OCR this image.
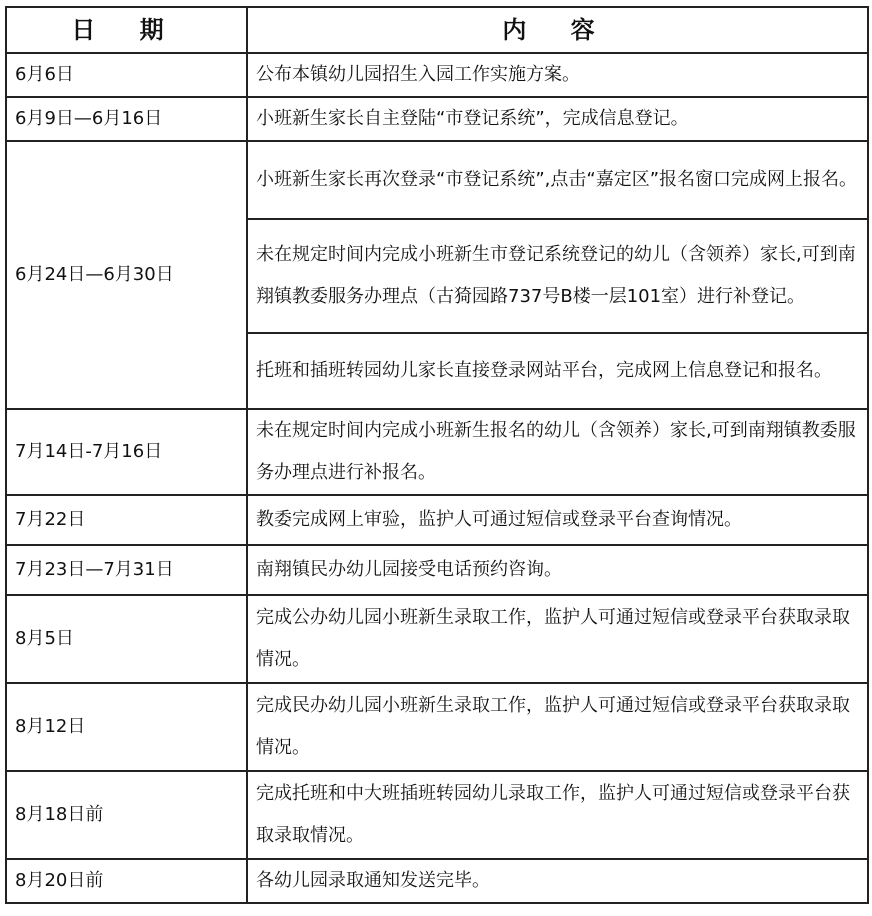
日 期	内 容
6月6日	公布本镇幼儿园招生入园工作实施方案。
6月9日—6月16日	小班新生家长自主登陆“市登记系统”，完成信息登记。
6月24日—6月30日	小班新生家长再次登录“市登记系统”,点击“嘉定区”报名窗口完成网上报名。
	未在规定时间内完成小班新生市登记系统登记的幼儿（含领养）家长,可到南翔镇教委服务办理点（古猗园路737号B楼一层101室）进行补登记。
	托班和插班转园幼儿家长直接登录网站平台，完成网上信息登记和报名。
7月14日-7月16日	未在规定时间内完成小班新生报名的幼儿（含领养）家长,可到南翔镇教委服务办理点进行补报名。
7月22日	教委完成网上审验，监护人可通过短信或登录平台查询情况。
7月23日—7月31日	南翔镇民办幼儿园接受电话预约咨询。
8月5日	完成公办幼儿园小班新生录取工作，监护人可通过短信或登录平台获取录取情况。
8月12日	完成民办幼儿园小班新生录取工作，监护人可通过短信或登录平台获取录取情况。
8月18日前	完成托班和中大班插班转园幼儿录取工作，监护人可通过短信或登录平台获取录取情况。
8月20日前	各幼儿园录取通知发送完毕。
